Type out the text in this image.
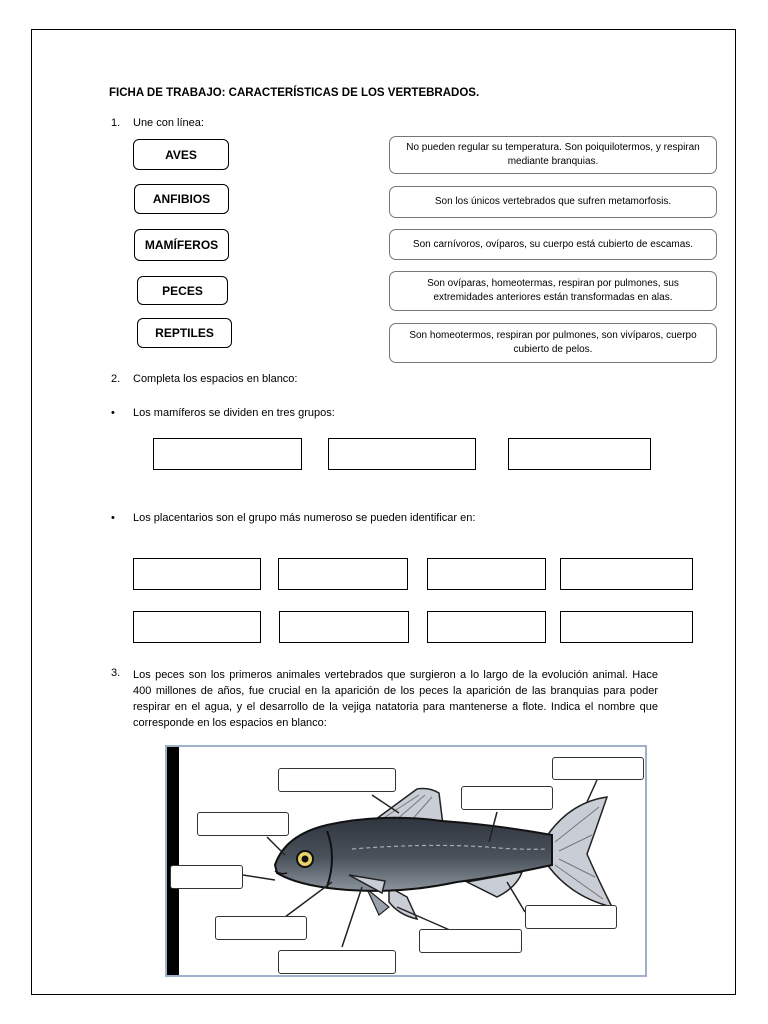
FICHA DE TRABAJO: CARACTERÍSTICAS DE LOS VERTEBRADOS.
1. Une con línea:
AVES
ANFIBIOS
MAMÍFEROS
PECES
REPTILES
No pueden regular su temperatura. Son poiquilotermos, y respiran mediante branquias.
Son los únicos vertebrados que sufren metamorfosis.
Son carnívoros, ovíparos, su cuerpo está cubierto de escamas.
Son ovíparas, homeotermas, respiran por pulmones, sus extremidades anteriores están transformadas en alas.
Son homeotermos, respiran por pulmones, son vivíparos, cuerpo cubierto de pelos.
2. Completa los espacios en blanco:
• Los mamíferos se dividen en tres grupos:
• Los placentarios son el grupo más numeroso se pueden identificar en:
3. Los peces son los primeros animales vertebrados que surgieron a lo largo de la evolución animal. Hace 400 millones de años, fue crucial en la aparición de los peces la aparición de las branquias para poder respirar en el agua, y el desarrollo de la vejiga natatoria para mantenerse a flote. Indica el nombre que corresponde en los espacios en blanco:
